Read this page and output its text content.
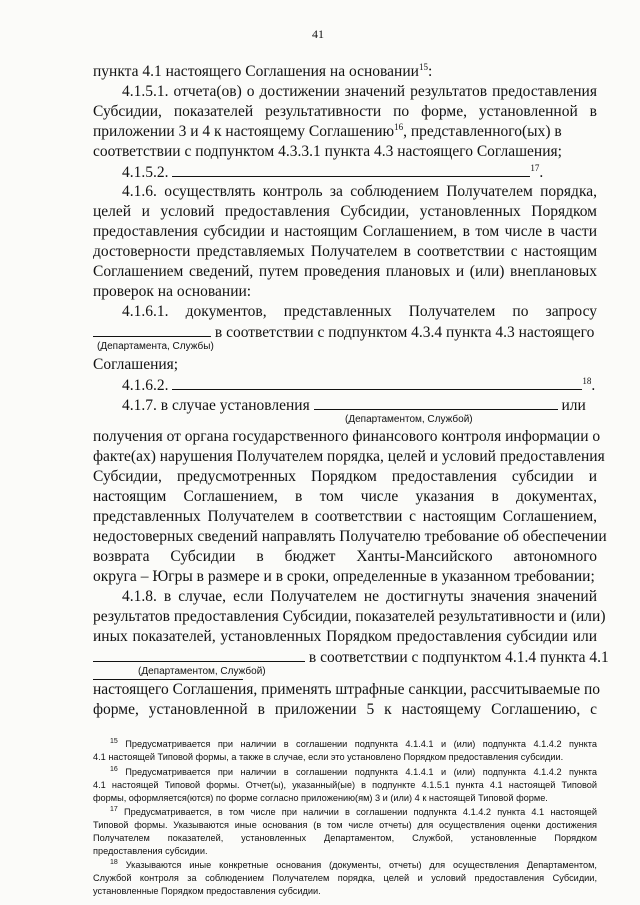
41
пункта 4.1 настоящего Соглашения на основании$^{15}$:
4.1.5.1. отчета(ов) о достижении значений результатов предоставления
Субсидии, показателей результативности по форме, установленной в
приложении 3 и 4 к настоящему Соглашению$^{16}$, представленного(ых) в
соответствии с подпунктом 4.3.3.1 пункта 4.3 настоящего Соглашения;
4.1.5.2.	$^{17}$.
4.1.6. осуществлять контроль за соблюдением Получателем порядка,
целей и условий предоставления Субсидии, установленных Порядком
предоставления субсидии и настоящим Соглашением, в том числе в части
достоверности представляемых Получателем в соответствии с настоящим
Соглашением сведений, путем проведения плановых и (или) внеплановых
проверок на основании:
4.1.6.1. документов, представленных Получателем по запросу
в соответствии с подпунктом 4.3.4 пункта 4.3 настоящего
(Департамента, Службы)
Соглашения;
4.1.6.2.	$^{18}$.
4.1.7. в случае установления	или
(Департаментом, Службой)
получения от органа государственного финансового контроля информации о
факте(ах) нарушения Получателем порядка, целей и условий предоставления
Субсидии, предусмотренных Порядком предоставления субсидии и
настоящим Соглашением, в том числе указания в документах,
представленных Получателем в соответствии с настоящим Соглашением,
недостоверных сведений направлять Получателю требование об обеспечении
возврата Субсидии в бюджет Ханты-Мансийского автономного
округа – Югры в размере и в сроки, определенные в указанном требовании;
4.1.8. в случае, если Получателем не достигнуты значения значений
результатов предоставления Субсидии, показателей результативности и (или)
иных показателей, установленных Порядком предоставления субсидии или
в соответствии с подпунктом 4.1.4 пункта 4.1
(Департаментом, Службой)
настоящего Соглашения, применять штрафные санкции, рассчитываемые по
форме, установленной в приложении 5 к настоящему Соглашению, с
$^{15}$ Предусматривается при наличии в соглашении подпункта 4.1.4.1 и (или) подпункта 4.1.4.2 пункта
4.1 настоящей Типовой формы, а также в случае, если это установлено Порядком предоставления субсидии.
$^{16}$ Предусматривается при наличии в соглашении подпункта 4.1.4.1 и (или) подпункта 4.1.4.2 пункта
4.1 настоящей Типовой формы. Отчет(ы), указанный(ые) в подпункте 4.1.5.1 пункта 4.1 настоящей Типовой
формы, оформляется(ются) по форме согласно приложению(ям) 3 и (или) 4 к настоящей Типовой форме.
$^{17}$ Предусматривается, в том числе при наличии в соглашении подпункта 4.1.4.2 пункта 4.1 настоящей
Типовой формы. Указываются иные основания (в том числе отчеты) для осуществления оценки достижения
Получателем показателей, установленных Департаментом, Службой, установленные Порядком
предоставления субсидии.
$^{18}$ Указываются иные конкретные основания (документы, отчеты) для осуществления Департаментом,
Службой контроля за соблюдением Получателем порядка, целей и условий предоставления Субсидии,
установленные Порядком предоставления субсидии.
